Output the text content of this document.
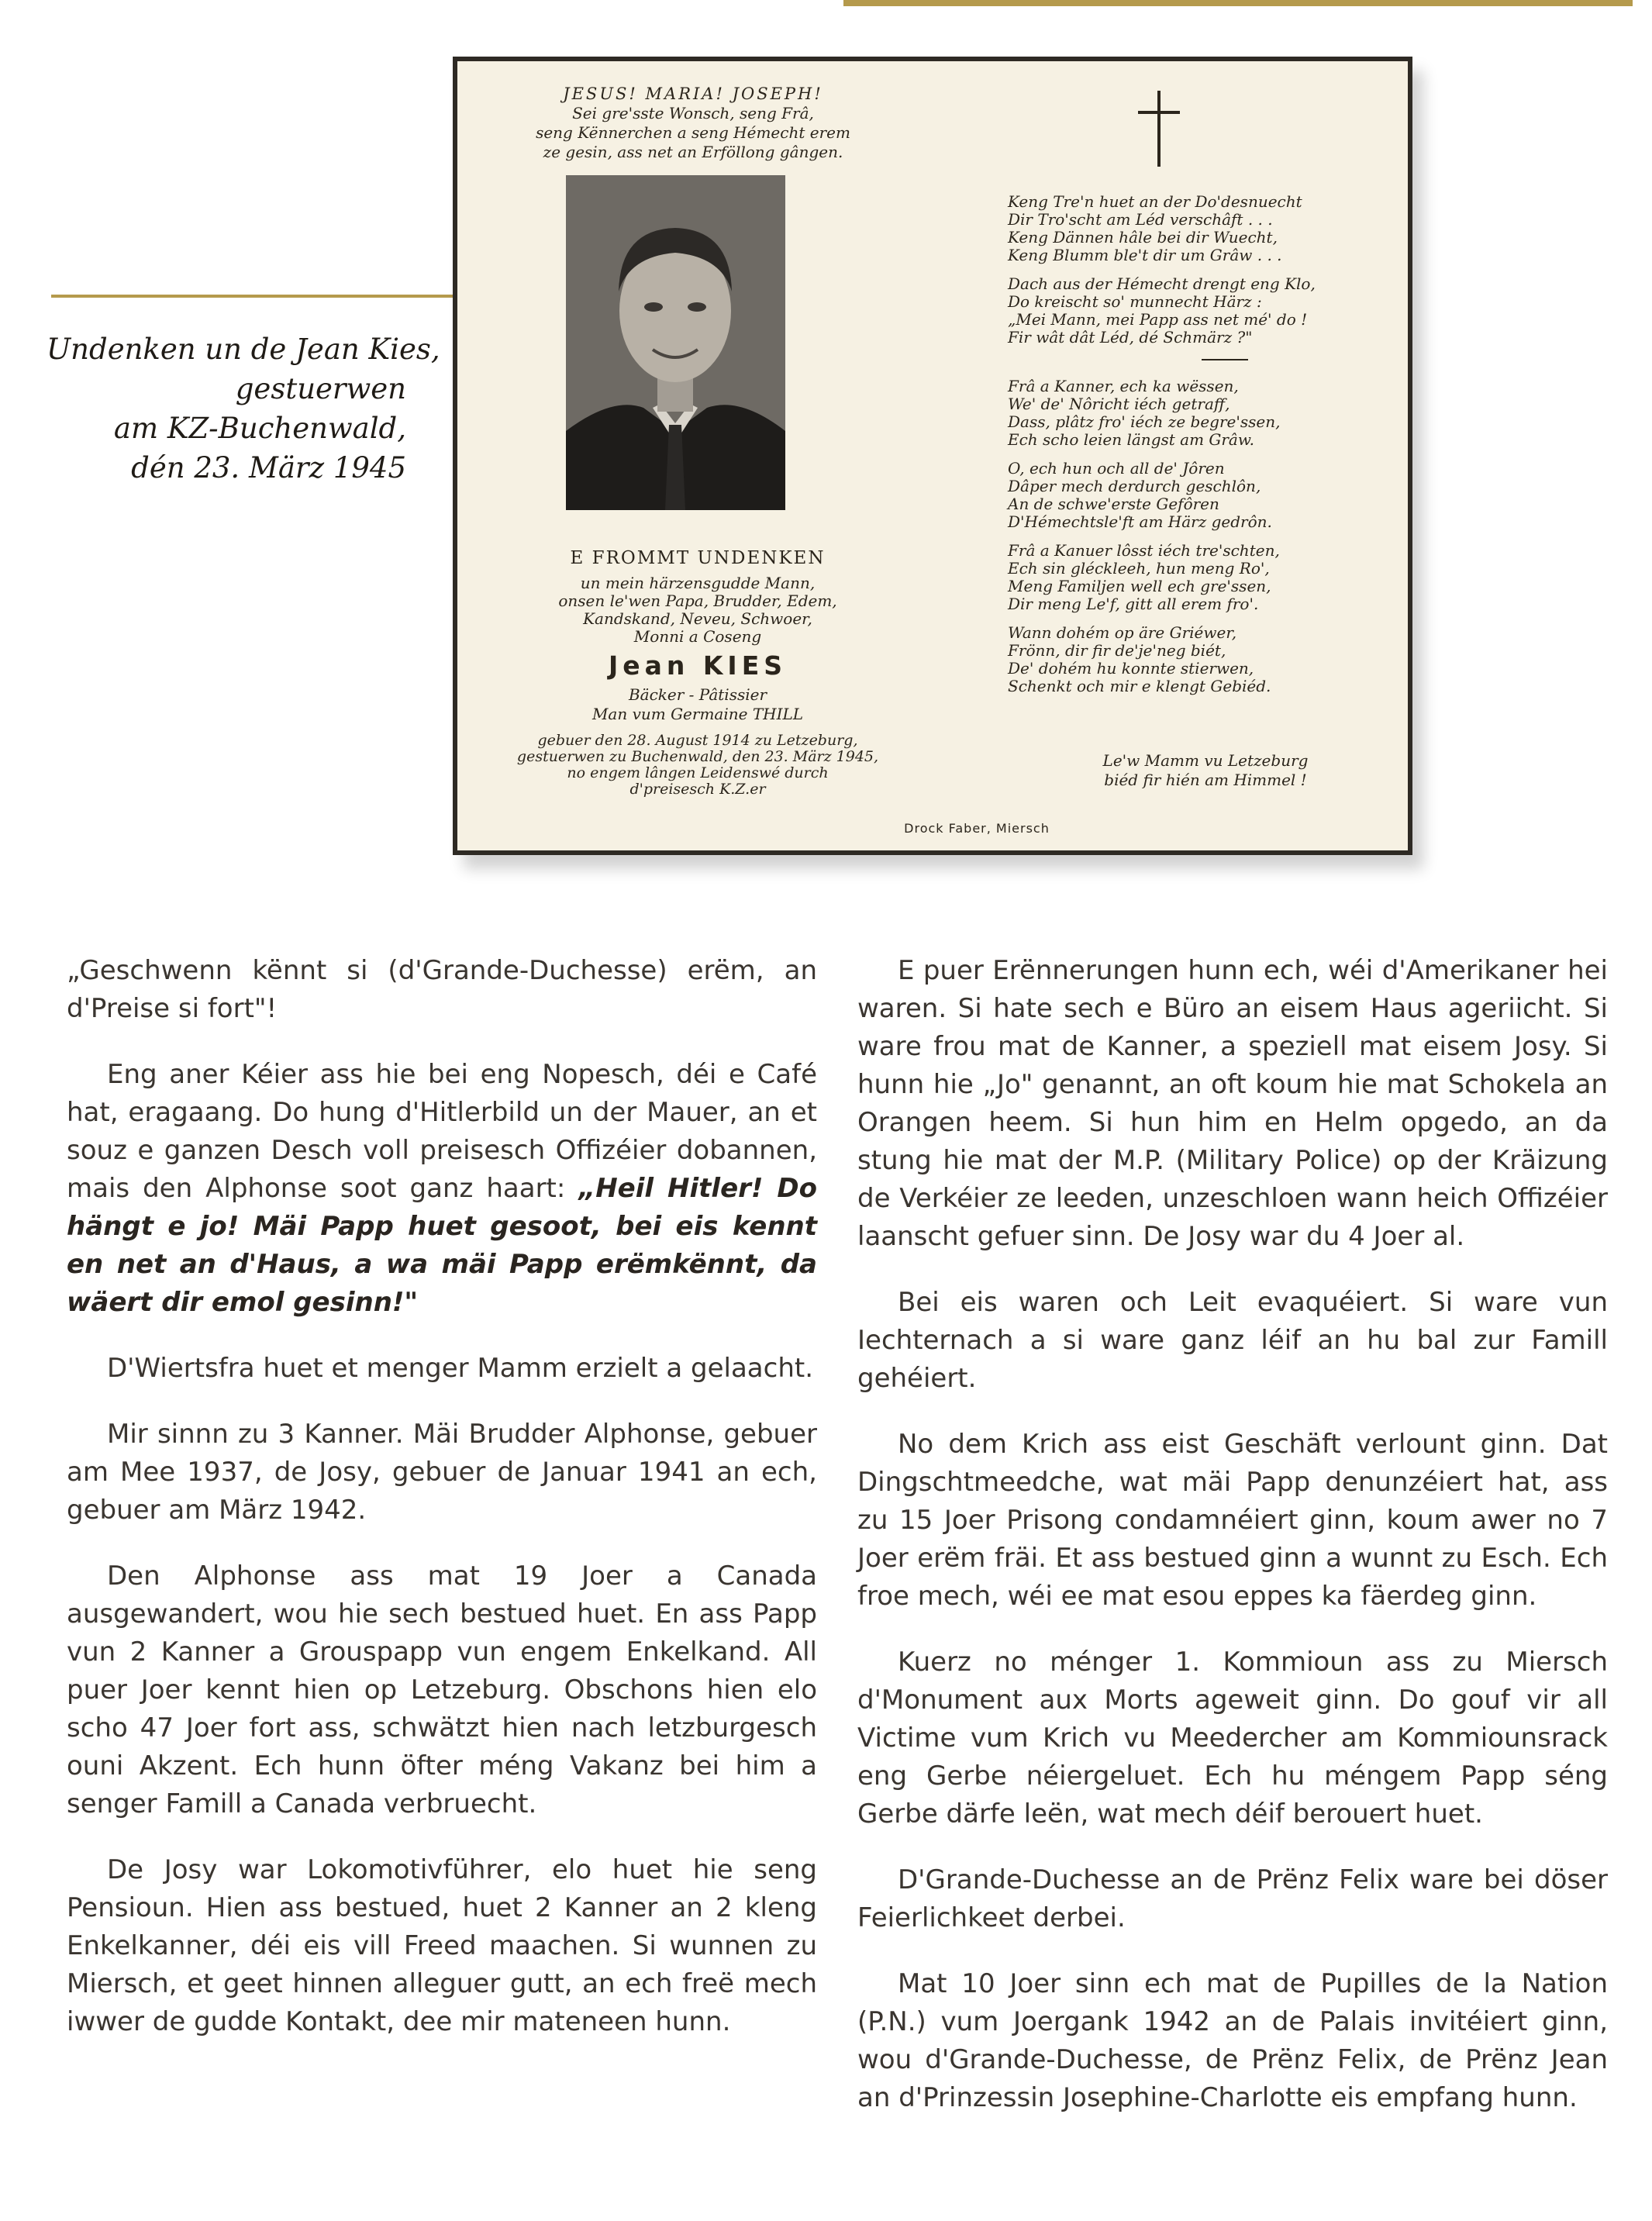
Undenken un de Jean Kies,
gestuerwen
am KZ-Buchenwald,
dén 23. März 1945
JESUS! MARIA! JOSEPH!
Sei gre'sste Wonsch, seng Frâ,
seng Kënnerchen a seng Hémecht erem
ze gesin, ass net an Erföllong gângen.
E FROMMT UNDENKEN
un mein härzensgudde Mann,
onsen le'wen Papa, Brudder, Edem,
Kandskand, Neveu, Schwoer,
Monni a Coseng
Jean KIES
Bäcker - Pâtissier
Man vum Germaine THILL
gebuer den 28. August 1914 zu Letzeburg,
gestuerwen zu Buchenwald, den 23. März 1945,
no engem lângen Leidenswé durch
d'preisesch K.Z.er
Keng Tre'n huet an der Do'desnuecht
Dir Tro'scht am Léd verschâft . . .
Keng Dännen hâle bei dir Wuecht,
Keng Blumm ble't dir um Grâw . . .
Dach aus der Hémecht drengt eng Klo,
Do kreischt so' munnecht Härz :
„Mei Mann, mei Papp ass net mé' do !
Fir wât dât Léd, dé Schmärz ?"
Frâ a Kanner, ech ka wëssen,
We' de' Nôricht iéch getraff,
Dass, plâtz fro' iéch ze begre'ssen,
Ech scho leien längst am Grâw.
O, ech hun och all de' Jôren
Dâper mech derdurch geschlôn,
An de schwe'erste Gefôren
D'Hémechtsle'ft am Härz gedrôn.
Frâ a Kanuer lôsst iéch tre'schten,
Ech sin gléckleeh, hun meng Ro',
Meng Familjen well ech gre'ssen,
Dir meng Le'f, gitt all erem fro'.
Wann dohém op äre Griéwer,
Frönn, dir fir de'je'neg biét,
De' dohém hu konnte stierwen,
Schenkt och mir e klengt Gebiéd.
Le'w Mamm vu Letzeburg
biéd fir hién am Himmel !
Drock Faber, Miersch

„Geschwenn kënnt si (d'Grande-Duchesse) erëm, an d'Preise si fort"!

Eng aner Kéier ass hie bei eng Nopesch, déi e Café hat, eragaang. Do hung d'Hitlerbild un der Mauer, an et souz e ganzen Desch voll preisesch Offizéier dobannen, mais den Alphonse soot ganz haart: „Heil Hitler! Do hängt e jo! Mäi Papp huet gesoot, bei eis kennt en net an d'Haus, a wa mäi Papp erëmkënnt, da wäert dir emol gesinn!"

D'Wiertsfra huet et menger Mamm erzielt a gelaacht.

Mir sinnn zu 3 Kanner. Mäi Brudder Alphonse, gebuer am Mee 1937, de Josy, gebuer de Januar 1941 an ech, gebuer am März 1942.

Den Alphonse ass mat 19 Joer a Canada ausgewandert, wou hie sech bestued huet. En ass Papp vun 2 Kanner a Grouspapp vun engem Enkelkand. All puer Joer kennt hien op Letzeburg. Obschons hien elo scho 47 Joer fort ass, schwätzt hien nach letzburgesch ouni Akzent. Ech hunn öfter méng Vakanz bei him a senger Famill a Canada verbruecht.

De Josy war Lokomotivführer, elo huet hie seng Pensioun. Hien ass bestued, huet 2 Kanner an 2 kleng Enkelkanner, déi eis vill Freed maachen. Si wunnen zu Miersch, et geet hinnen alleguer gutt, an ech freë mech iwwer de gudde Kontakt, dee mir mateneen hunn.

E puer Erënnerungen hunn ech, wéi d'Amerikaner hei waren. Si hate sech e Büro an eisem Haus ageriicht. Si ware frou mat de Kanner, a speziell mat eisem Josy. Si hunn hie „Jo" genannt, an oft koum hie mat Schokela an Orangen heem. Si hun him en Helm opgedo, an da stung hie mat der M.P. (Military Police) op der Kräizung de Verkéier ze leeden, unzeschloen wann heich Offizéier laanscht gefuer sinn. De Josy war du 4 Joer al.

Bei eis waren och Leit evaquéiert. Si ware vun Iechternach a si ware ganz léif an hu bal zur Famill gehéiert.

No dem Krich ass eist Geschäft verlount ginn. Dat Dingschtmeedche, wat mäi Papp denunzéiert hat, ass zu 15 Joer Prisong condamnéiert ginn, koum awer no 7 Joer erëm fräi. Et ass bestued ginn a wunnt zu Esch. Ech froe mech, wéi ee mat esou eppes ka fäerdeg ginn.

Kuerz no ménger 1. Kommioun ass zu Miersch d'Monument aux Morts ageweit ginn. Do gouf vir all Victime vum Krich vu Meedercher am Kommiounsrack eng Gerbe néiergeluet. Ech hu méngem Papp séng Gerbe därfe leën, wat mech déif berouert huet.

D'Grande-Duchesse an de Prënz Felix ware bei döser Feierlichkeet derbei.

Mat 10 Joer sinn ech mat de Pupilles de la Nation (P.N.) vum Joergank 1942 an de Palais invitéiert ginn, wou d'Grande-Duchesse, de Prënz Felix, de Prënz Jean an d'Prinzessin Josephine-Charlotte eis empfang hunn.
